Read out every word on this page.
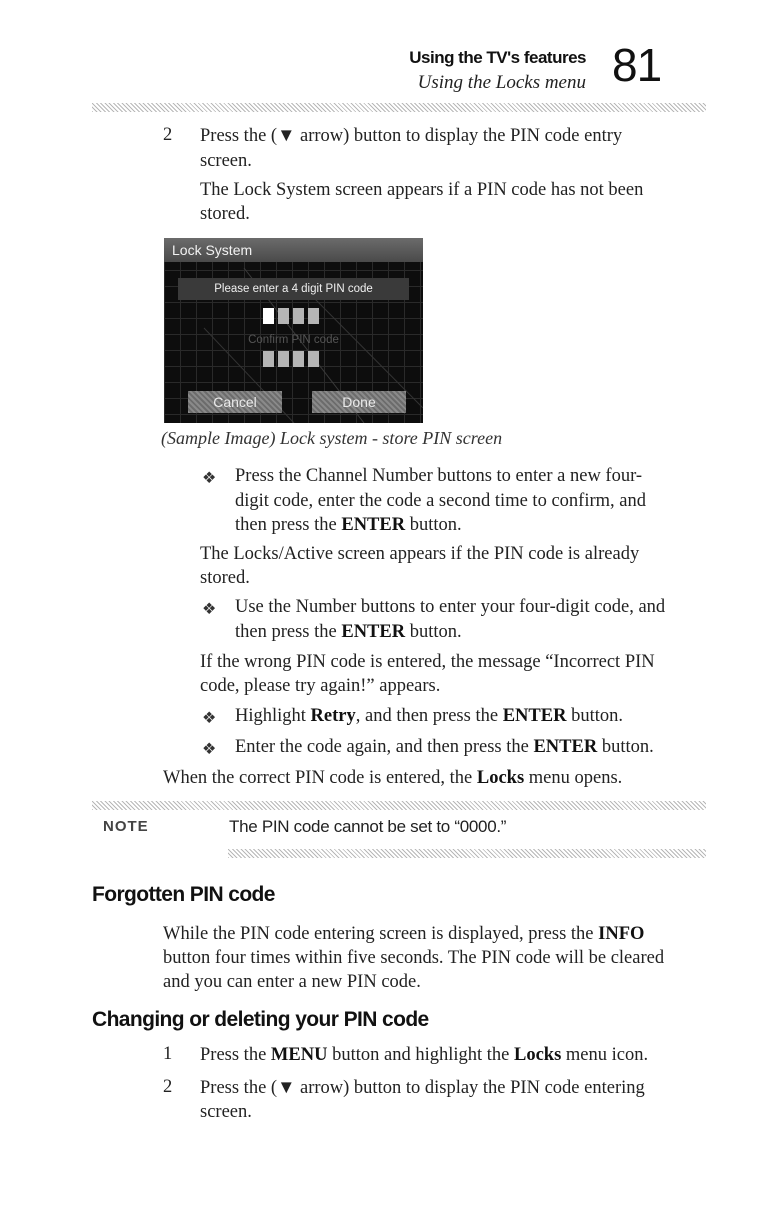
Using the TV's features
Using the Locks menu 81
2 Press the (▼ arrow) button to display the PIN code entry
screen.
The Lock System screen appears if a PIN code has not been
stored.
Lock System
Please enter a 4 digit PIN code
Confirm PIN code
Cancel	Done
(Sample Image) Lock system - store PIN screen
❖ Press the Channel Number buttons to enter a new four-
digit code, enter the code a second time to confirm, and
then press the ENTER button.
The Locks/Active screen appears if the PIN code is already
stored.
❖ Use the Number buttons to enter your four-digit code, and
then press the ENTER button.
If the wrong PIN code is entered, the message “Incorrect PIN
code, please try again!” appears.
❖ Highlight Retry, and then press the ENTER button.
❖ Enter the code again, and then press the ENTER button.
When the correct PIN code is entered, the Locks menu opens.
NOTE	The PIN code cannot be set to “0000.”
Forgotten PIN code
While the PIN code entering screen is displayed, press the INFO
button four times within five seconds. The PIN code will be cleared
and you can enter a new PIN code.
Changing or deleting your PIN code
1 Press the MENU button and highlight the Locks menu icon.
2 Press the (▼ arrow) button to display the PIN code entering
screen.
